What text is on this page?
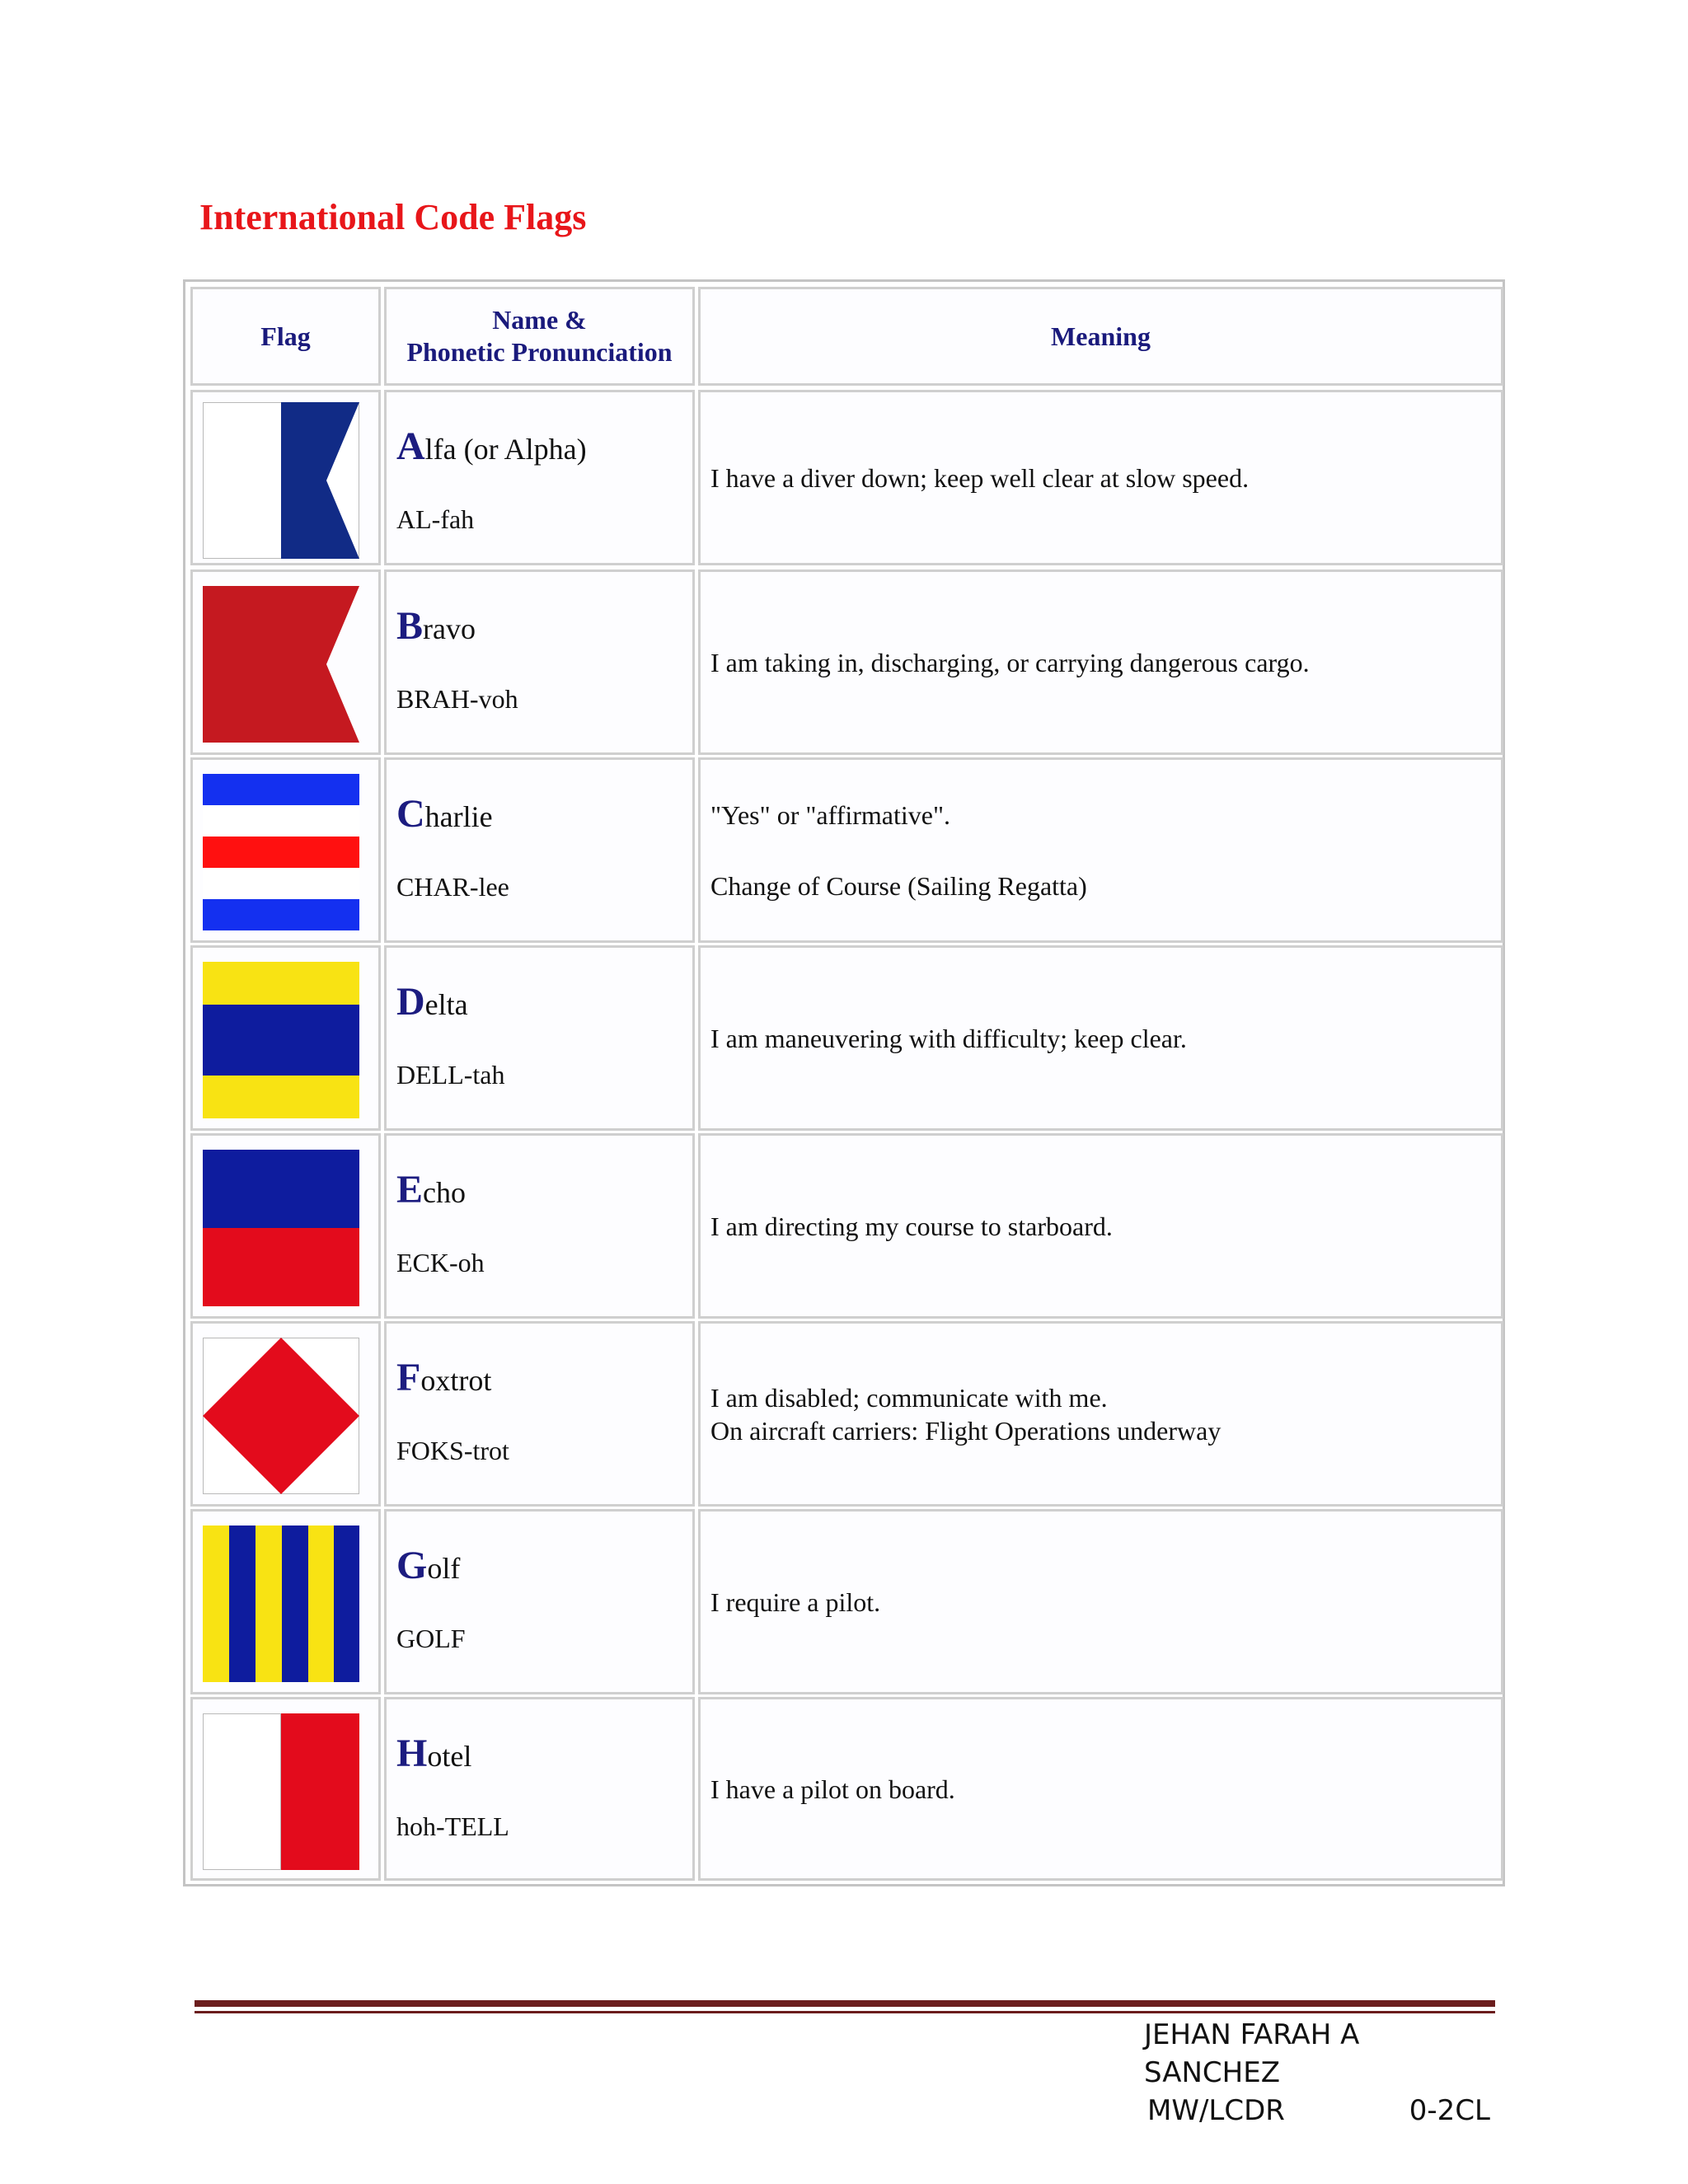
International Code Flags
Flag
Name &
Phonetic Pronunciation
Meaning
Alfa (or Alpha)
AL-fah
I have a diver down; keep well clear at slow speed.
Bravo
BRAH-voh
I am taking in, discharging, or carrying dangerous cargo.
Charlie
CHAR-lee
"Yes" or "affirmative".
Change of Course (Sailing Regatta)
Delta
DELL-tah
I am maneuvering with difficulty; keep clear.
Echo
ECK-oh
I am directing my course to starboard.
Foxtrot
FOKS-trot
I am disabled; communicate with me.
On aircraft carriers: Flight Operations underway
Golf
GOLF
I require a pilot.
Hotel
hoh-TELL
I have a pilot on board.
JEHAN FARAH A SANCHEZ
MW/LCDR	0-2CL
